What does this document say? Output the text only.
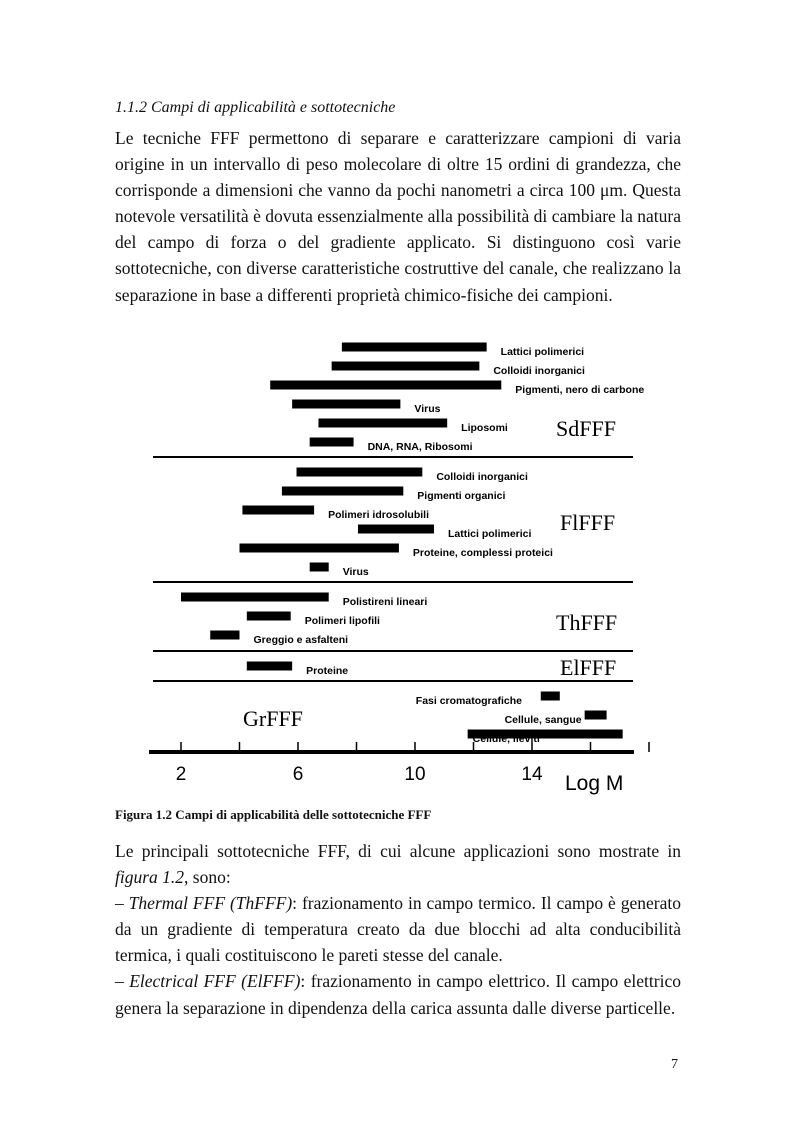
1.1.2 Campi di applicabilità e sottotecniche

Le tecniche FFF permettono di separare e caratterizzare campioni di varia origine in un intervallo di peso molecolare di oltre 15 ordini di grandezza, che corrisponde a dimensioni che vanno da pochi nanometri a circa 100 μm. Questa notevole versatilità è dovuta essenzialmente alla possibilità di cambiare la natura del campo di forza o del gradiente applicato. Si distinguono così varie sottotecniche, con diverse caratteristiche costruttive del canale, che realizzano la separazione in base a differenti proprietà chimico-fisiche dei campioni.

Lattici polimerici
Colloidi inorganici
Pigmenti, nero di carbone
Virus
Liposomi
DNA, RNA, Ribosomi
SdFFF
Colloidi inorganici
Pigmenti organici
Polimeri idrosolubili
Lattici polimerici
Proteine, complessi proteici
Virus
FlFFF
Polistireni lineari
Polimeri lipofili
Greggio e asfalteni
ThFFF
Proteine	ElFFF
Fasi cromatografiche
Cellule, sangue
Cellule, lieviti
GrFFF
2	6	10	14 Log M
Figura 1.2 Campi di applicabilità delle sottotecniche FFF

Le principali sottotecniche FFF, di cui alcune applicazioni sono mostrate in figura 1.2, sono:

– Thermal FFF (ThFFF): frazionamento in campo termico. Il campo è generato da un gradiente di temperatura creato da due blocchi ad alta conducibilità termica, i quali costituiscono le pareti stesse del canale.

– Electrical FFF (ElFFF): frazionamento in campo elettrico. Il campo elettrico genera la separazione in dipendenza della carica assunta dalle diverse particelle.

7
